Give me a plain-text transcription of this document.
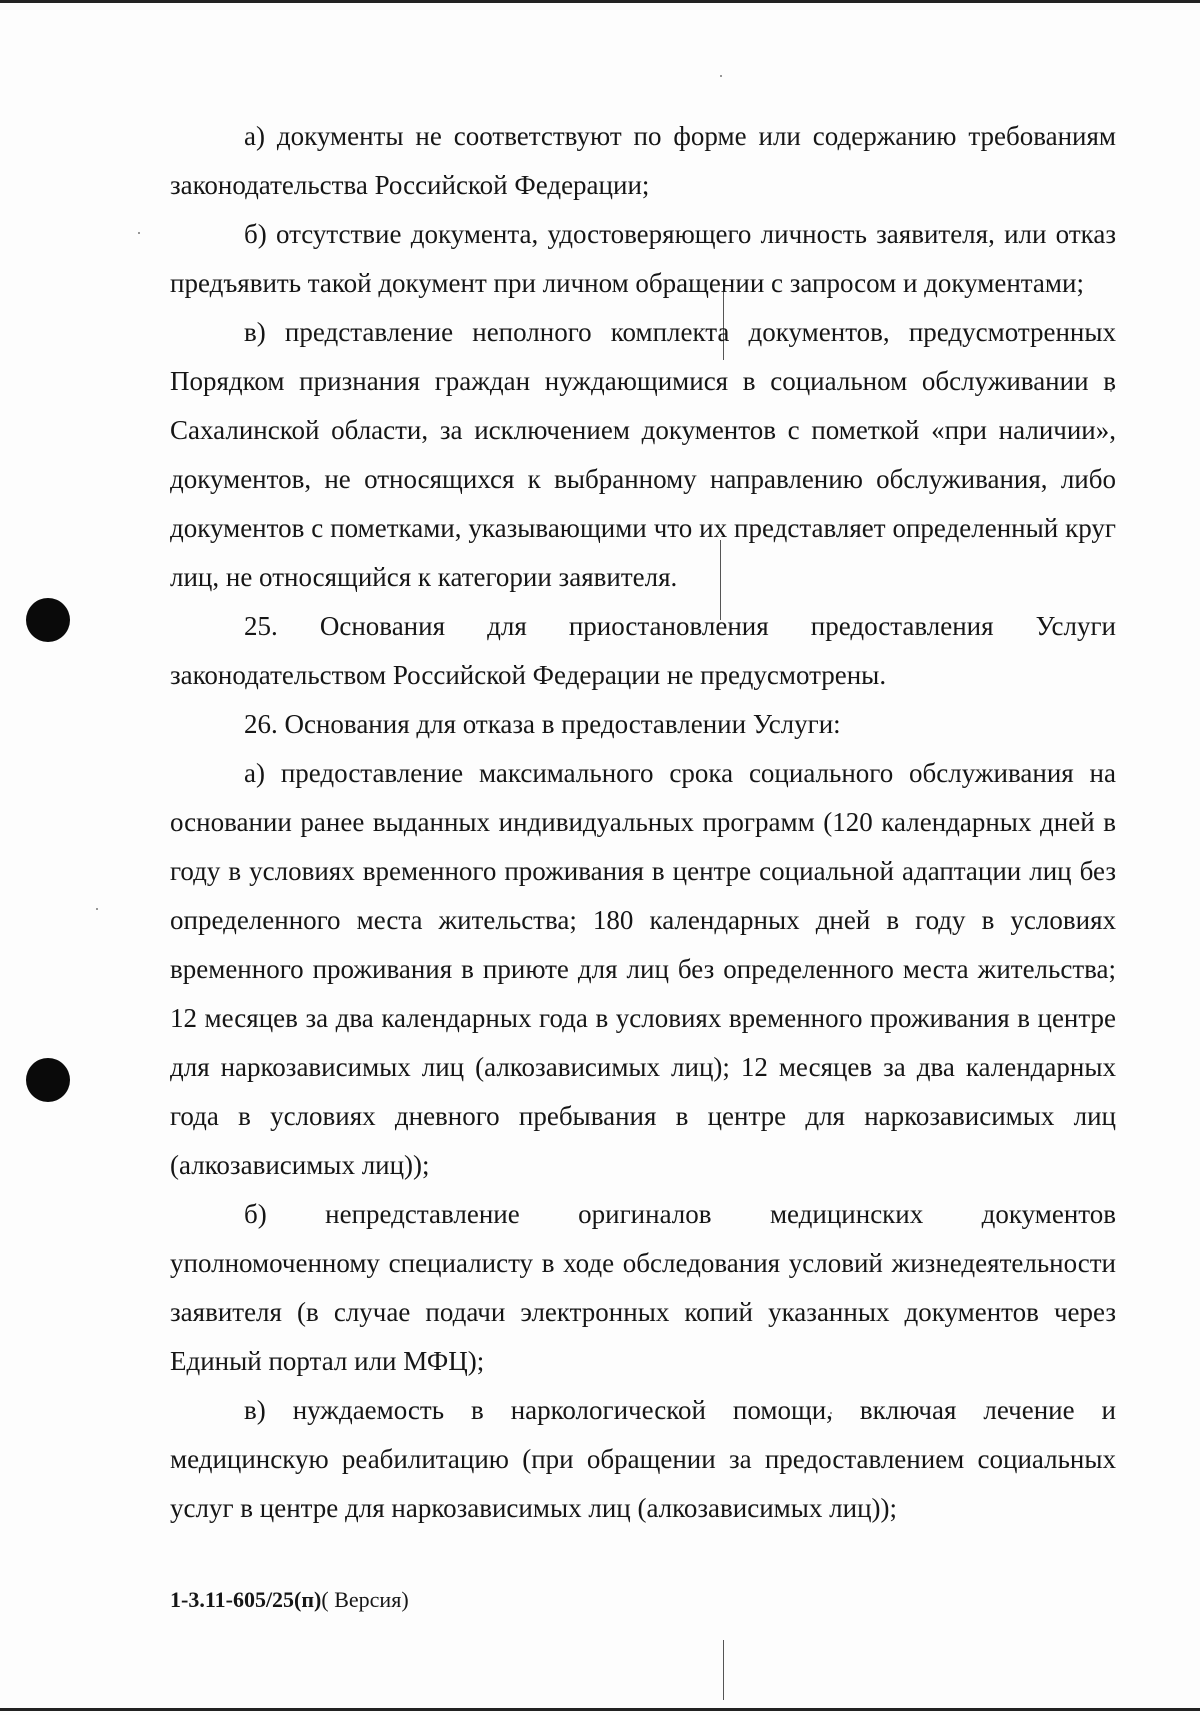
а) документы не соответствуют по форме или содержанию требованиям законодательства Российской Федерации;

б) отсутствие документа, удостоверяющего личность заявителя, или отказ предъявить такой документ при личном обращении с запросом и документами;

в) представление неполного комплекта документов, предусмотренных Порядком признания граждан нуждающимися в социальном обслуживании в Сахалинской области, за исключением документов с пометкой «при наличии», документов, не относящихся к выбранному направлению обслуживания, либо документов с пометками, указывающими что их представляет определенный круг лиц, не относящийся к категории заявителя.

25. Основания для приостановления предоставления Услуги законодательством Российской Федерации не предусмотрены.

26. Основания для отказа в предоставлении Услуги:

а) предоставление максимального срока социального обслуживания на основании ранее выданных индивидуальных программ (120 календарных дней в году в условиях временного проживания в центре социальной адаптации лиц без определенного места жительства; 180 календарных дней в году в условиях временного проживания в приюте для лиц без определенного места жительства; 12 месяцев за два календарных года в условиях временного проживания в центре для наркозависимых лиц (алкозависимых лиц); 12 месяцев за два календарных года в условиях дневного пребывания в центре для наркозависимых лиц (алкозависимых лиц));

б) непредставление оригиналов медицинских документов уполномоченному специалисту в ходе обследования условий жизнедеятельности заявителя (в случае подачи электронных копий указанных документов через Единый портал или МФЦ);

в) нуждаемость в наркологической помощи, включая лечение и медицинскую реабилитацию (при обращении за предоставлением социальных услуг в центре для наркозависимых лиц (алкозависимых лиц));

1-3.11-605/25(п)( Версия)
